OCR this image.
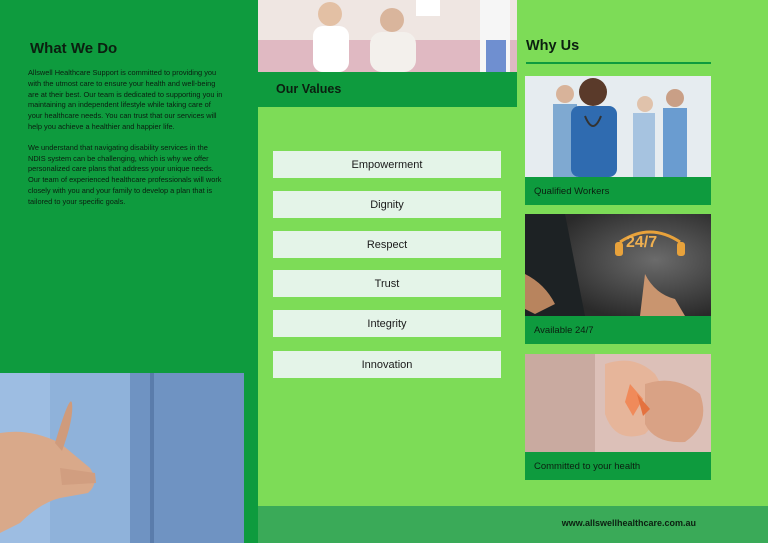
What We Do

Allswell Healthcare Support is committed to providing you with the utmost care to ensure your health and well-being are at their best. Our team is dedicated to supporting you in maintaining an independent lifestyle while taking care of your healthcare needs. You can trust that our services will help you achieve a healthier and happier life.

We understand that navigating disability services in the NDIS system can be challenging, which is why we offer personalized care plans that address your unique needs. Our team of experienced healthcare professionals will work closely with you and your family to develop a plan that is tailored to your specific goals.

Our Values
Empowerment
Dignity
Respect
Trust
Integrity
Innovation
Why Us
Qualified Workers
24/7
Available 24/7
Committed to your health
www.allswellhealthcare.com.au
